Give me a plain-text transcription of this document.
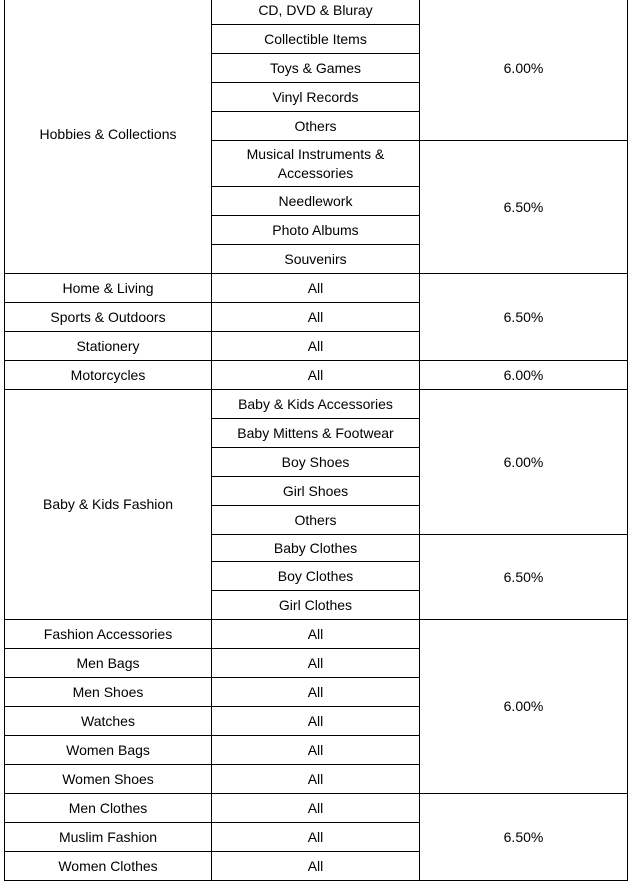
Hobbies & Collections	CD, DVD & Bluray	6.00%
	Collectible Items	
	Toys & Games	
	Vinyl Records	
	Others	
	Musical Instruments & Accessories	6.50%
	Needlework	
	Photo Albums	
	Souvenirs	
Home & Living	All	6.50%
Sports & Outdoors	All	
Stationery	All	
Motorcycles	All	6.00%
Baby & Kids Fashion	Baby & Kids Accessories	6.00%
	Baby Mittens & Footwear	
	Boy Shoes	
	Girl Shoes	
	Others	
	Baby Clothes	6.50%
	Boy Clothes	
	Girl Clothes	
Fashion Accessories	All	6.00%
Men Bags	All	
Men Shoes	All	
Watches	All	
Women Bags	All	
Women Shoes	All	
Men Clothes	All	6.50%
Muslim Fashion	All	
Women Clothes	All	
